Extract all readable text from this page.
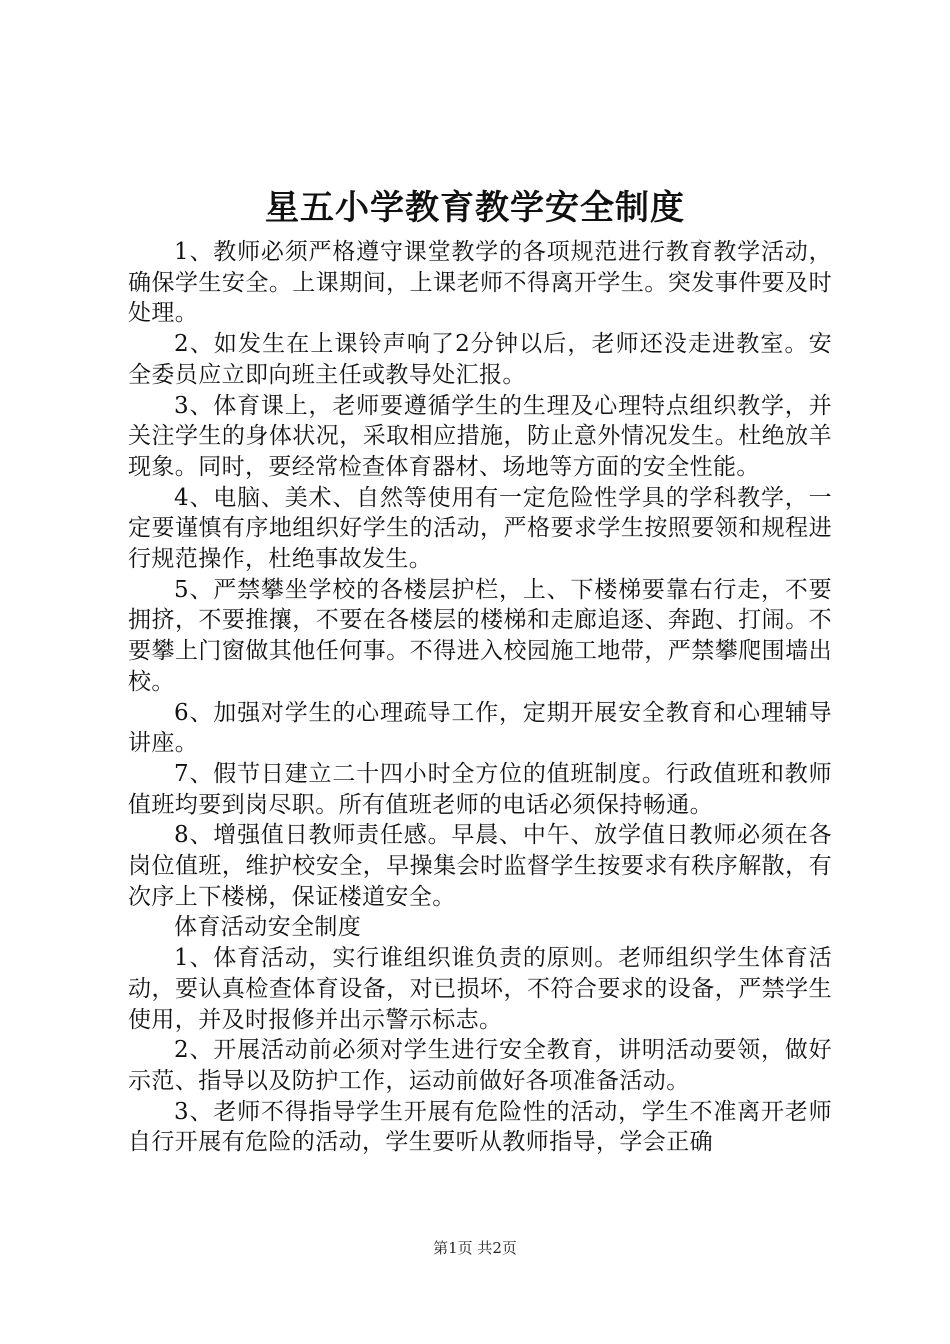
星五小学教育教学安全制度

1、教师必须严格遵守课堂教学的各项规范进行教育教学活动，确保学生安全。上课期间，上课老师不得离开学生。突发事件要及时处理。

2、如发生在上课铃声响了2分钟以后，老师还没走进教室。安全委员应立即向班主任或教导处汇报。

3、体育课上，老师要遵循学生的生理及心理特点组织教学，并关注学生的身体状况，采取相应措施，防止意外情况发生。杜绝放羊现象。同时，要经常检查体育器材、场地等方面的安全性能。

4、电脑、美术、自然等使用有一定危险性学具的学科教学，一定要谨慎有序地组织好学生的活动，严格要求学生按照要领和规程进行规范操作，杜绝事故发生。

5、严禁攀坐学校的各楼层护栏，上、下楼梯要靠右行走，不要拥挤，不要推攘，不要在各楼层的楼梯和走廊追逐、奔跑、打闹。不要攀上门窗做其他任何事。不得进入校园施工地带，严禁攀爬围墙出校。

6、加强对学生的心理疏导工作，定期开展安全教育和心理辅导讲座。

7、假节日建立二十四小时全方位的值班制度。行政值班和教师值班均要到岗尽职。所有值班老师的电话必须保持畅通。

8、增强值日教师责任感。早晨、中午、放学值日教师必须在各岗位值班，维护校安全，早操集会时监督学生按要求有秩序解散，有次序上下楼梯，保证楼道安全。

体育活动安全制度

1、体育活动，实行谁组织谁负责的原则。老师组织学生体育活动，要认真检查体育设备，对已损坏，不符合要求的设备，严禁学生使用，并及时报修并出示警示标志。

2、开展活动前必须对学生进行安全教育，讲明活动要领，做好示范、指导以及防护工作，运动前做好各项准备活动。

3、老师不得指导学生开展有危险性的活动，学生不准离开老师自行开展有危险的活动，学生要听从教师指导，学会正确

第1页 共2页
